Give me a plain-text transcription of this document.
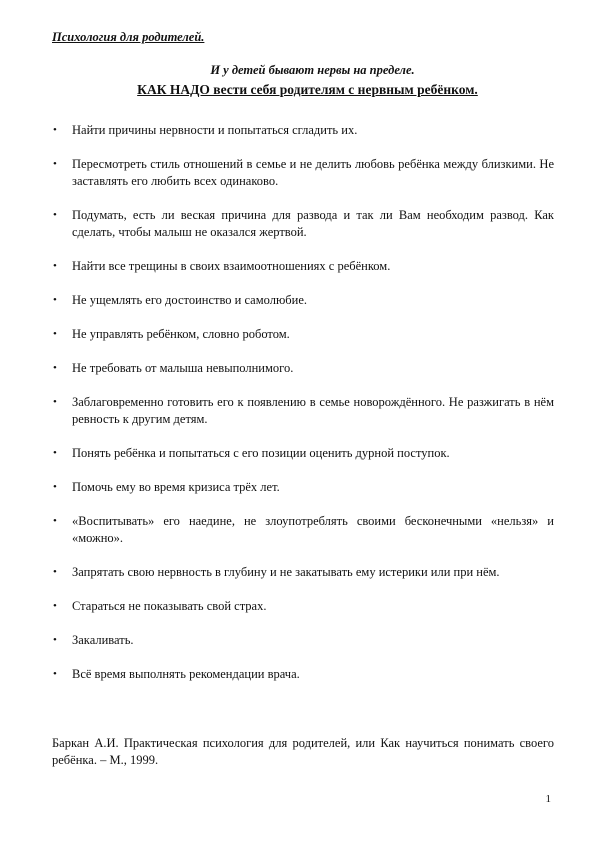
Психология для родителей.
И у детей бывают нервы на пределе.
КАК НАДО вести себя родителям с нервным ребёнком.
• Найти причины нервности и попытаться сгладить их.
• Пересмотреть стиль отношений в семье и не делить любовь ребёнка между близкими. Не заставлять его любить всех одинаково.
• Подумать, есть ли веская причина для развода и так ли Вам необходим развод. Как сделать, чтобы малыш не оказался жертвой.
• Найти все трещины в своих взаимоотношениях с ребёнком.
• Не ущемлять его достоинство и самолюбие.
• Не управлять ребёнком, словно роботом.
• Не требовать от малыша невыполнимого.
• Заблаговременно готовить его к появлению в семье новорождённого. Не разжигать в нём ревность к другим детям.
• Понять ребёнка и попытаться с его позиции оценить дурной поступок.
• Помочь ему во время кризиса трёх лет.
• «Воспитывать» его наедине, не злоупотреблять своими бесконечными «нельзя» и «можно».
• Запрятать свою нервность в глубину и не закатывать ему истерики или при нём.
• Стараться не показывать свой страх.
• Закаливать.
• Всё время выполнять рекомендации врача.
Баркан А.И. Практическая психология для родителей, или Как научиться понимать своего ребёнка. – М., 1999.
1
